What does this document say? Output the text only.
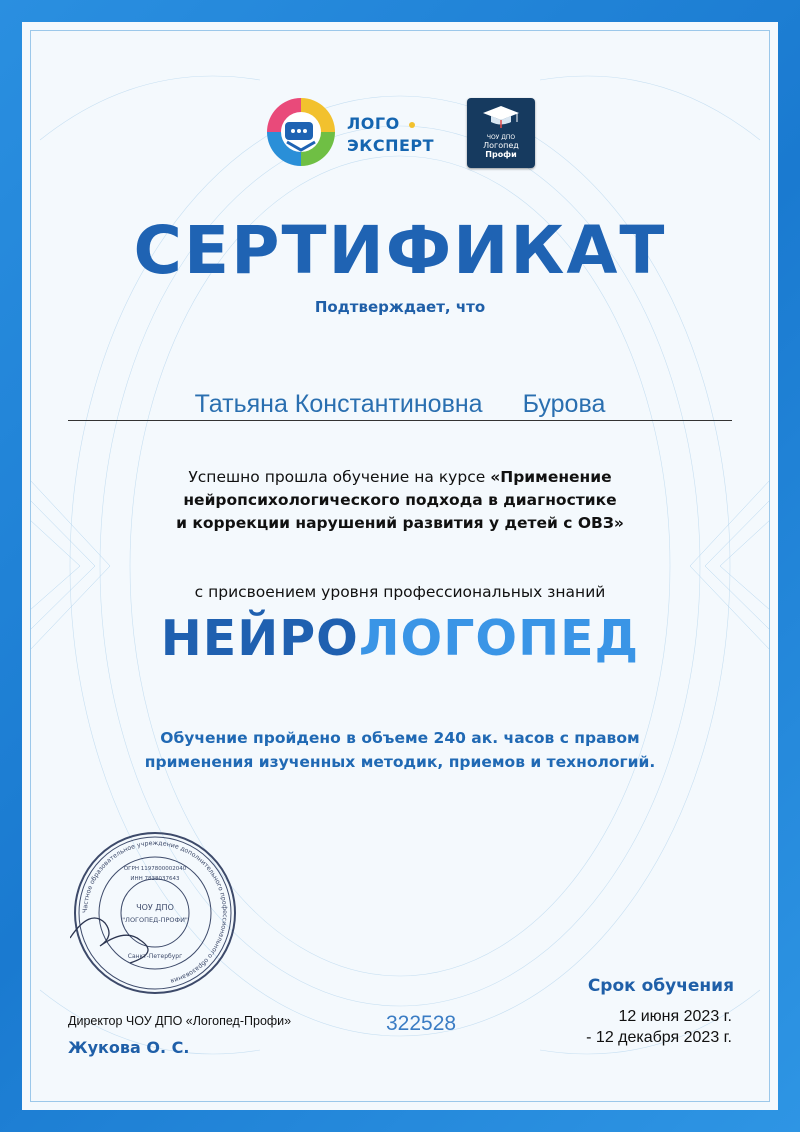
ЛОГО
ЭКСПЕРТ	ЧОУ ДПО
Логопед
Профи
СЕРТИФИКАТ
Подтверждает, что
Татьяна Константиновна Бурова
Успешно прошла обучение на курсе «Применение
нейропсихологического подхода в диагностике
и коррекции нарушений развития у детей с ОВЗ»
с присвоением уровня профессиональных знаний
НЕЙРОЛОГОПЕД
Обучение пройдено в объеме 240 ак. часов с правом
применения изученных методик, приемов и технологий.
Частное образовательное учреждение дополнительного профессионального образования
ЧОУ ДПО
"ЛОГОПЕД-ПРОФИ"
ОГРН 1197800002040
ИНН 7838037643
Санкт-Петербург
Директор ЧОУ ДПО «Логопед-Профи»
Жукова О. С.
322528
Срок обучения
12 июня 2023 г.
- 12 декабря 2023 г.
